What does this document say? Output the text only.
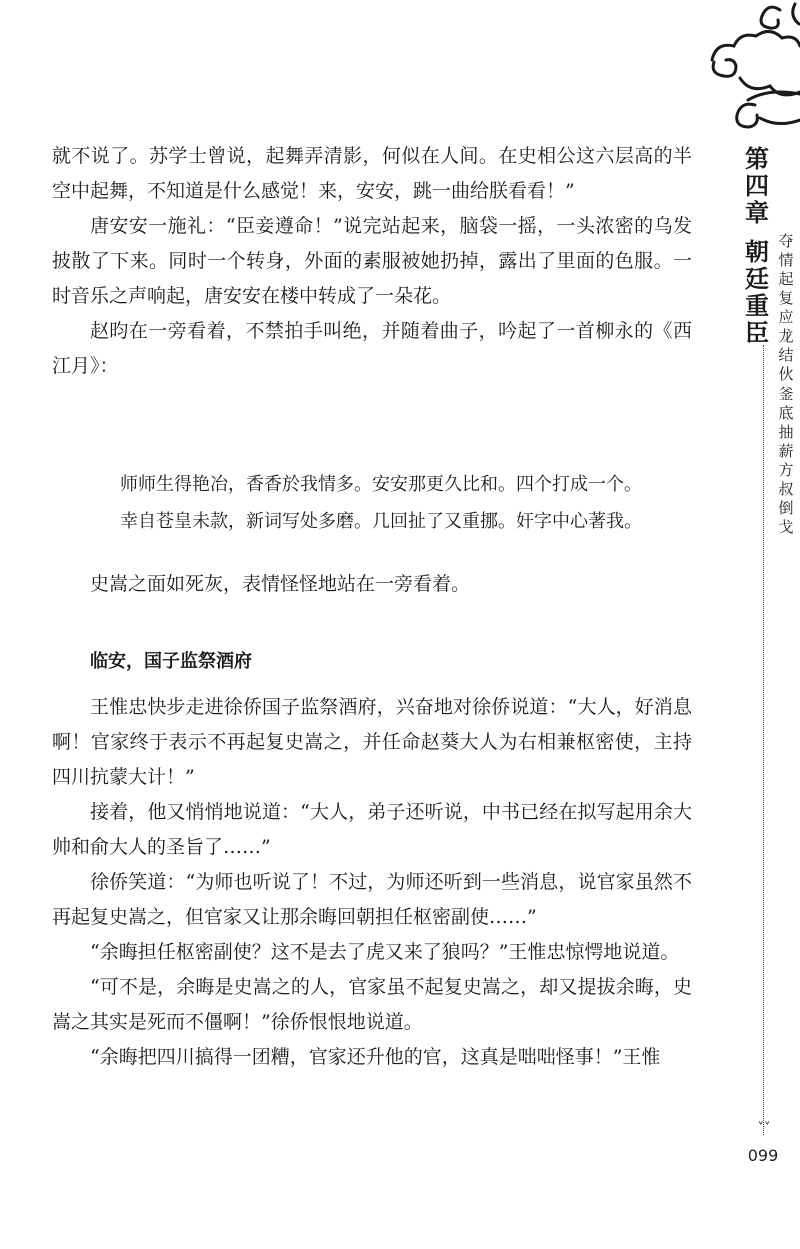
就不说了。苏学士曾说，起舞弄清影，何似在人间。在史相公这六层高的半空中起舞，不知道是什么感觉！来，安安，跳一曲给朕看看！”

唐安安一施礼：“臣妾遵命！”说完站起来，脑袋一摇，一头浓密的乌发披散了下来。同时一个转身，外面的素服被她扔掉，露出了里面的色服。一时音乐之声响起，唐安安在楼中转成了一朵花。

赵昀在一旁看着，不禁拍手叫绝，并随着曲子，吟起了一首柳永的《西江月》：

师师生得艳冶，香香於我情多。安安那更久比和。四个打成一个。
幸自苍皇未款，新词写处多磨。几回扯了又重挪。奸字中心著我。

史嵩之面如死灰，表情怪怪地站在一旁看着。

临安，国子监祭酒府

王惟忠快步走进徐侨国子监祭酒府，兴奋地对徐侨说道：“大人，好消息啊！官家终于表示不再起复史嵩之，并任命赵葵大人为右相兼枢密使，主持四川抗蒙大计！”

接着，他又悄悄地说道：“大人，弟子还听说，中书已经在拟写起用余大帅和俞大人的圣旨了……”

徐侨笑道：“为师也听说了！不过，为师还听到一些消息，说官家虽然不再起复史嵩之，但官家又让那余晦回朝担任枢密副使……”

“余晦担任枢密副使？这不是去了虎又来了狼吗？”王惟忠惊愕地说道。

“可不是，余晦是史嵩之的人，官家虽不起复史嵩之，却又提拔余晦，史嵩之其实是死而不僵啊！”徐侨恨恨地说道。

“余晦把四川搞得一团糟，官家还升他的官，这真是咄咄怪事！”王惟

第四章
朝廷重臣
夺情起复应龙结伙
釜底抽薪方叔倒戈
˅˅
099
